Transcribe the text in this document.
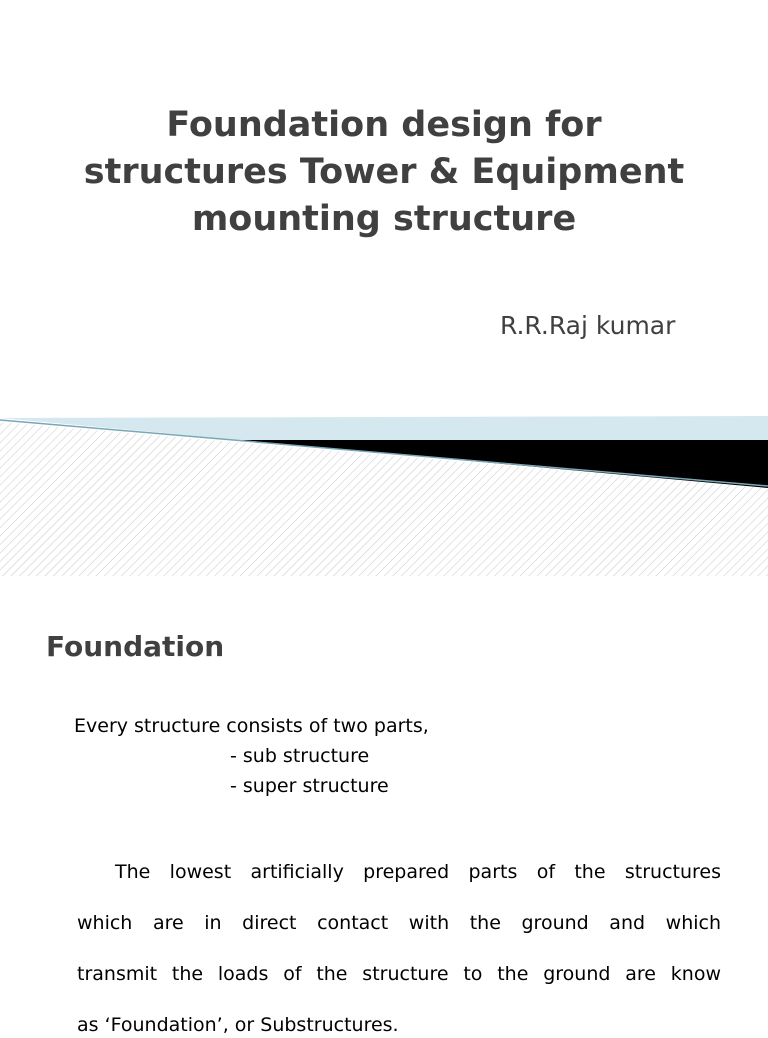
Foundation design for
structures Tower & Equipment
mounting structure
R.R.Raj kumar
Foundation

Every structure consists of two parts,

- sub structure

- super structure

The lowest artificially prepared parts of the structures

which are in direct contact with the ground and which

transmit the loads of the structure to the ground are know

as ‘Foundation’, or Substructures.
